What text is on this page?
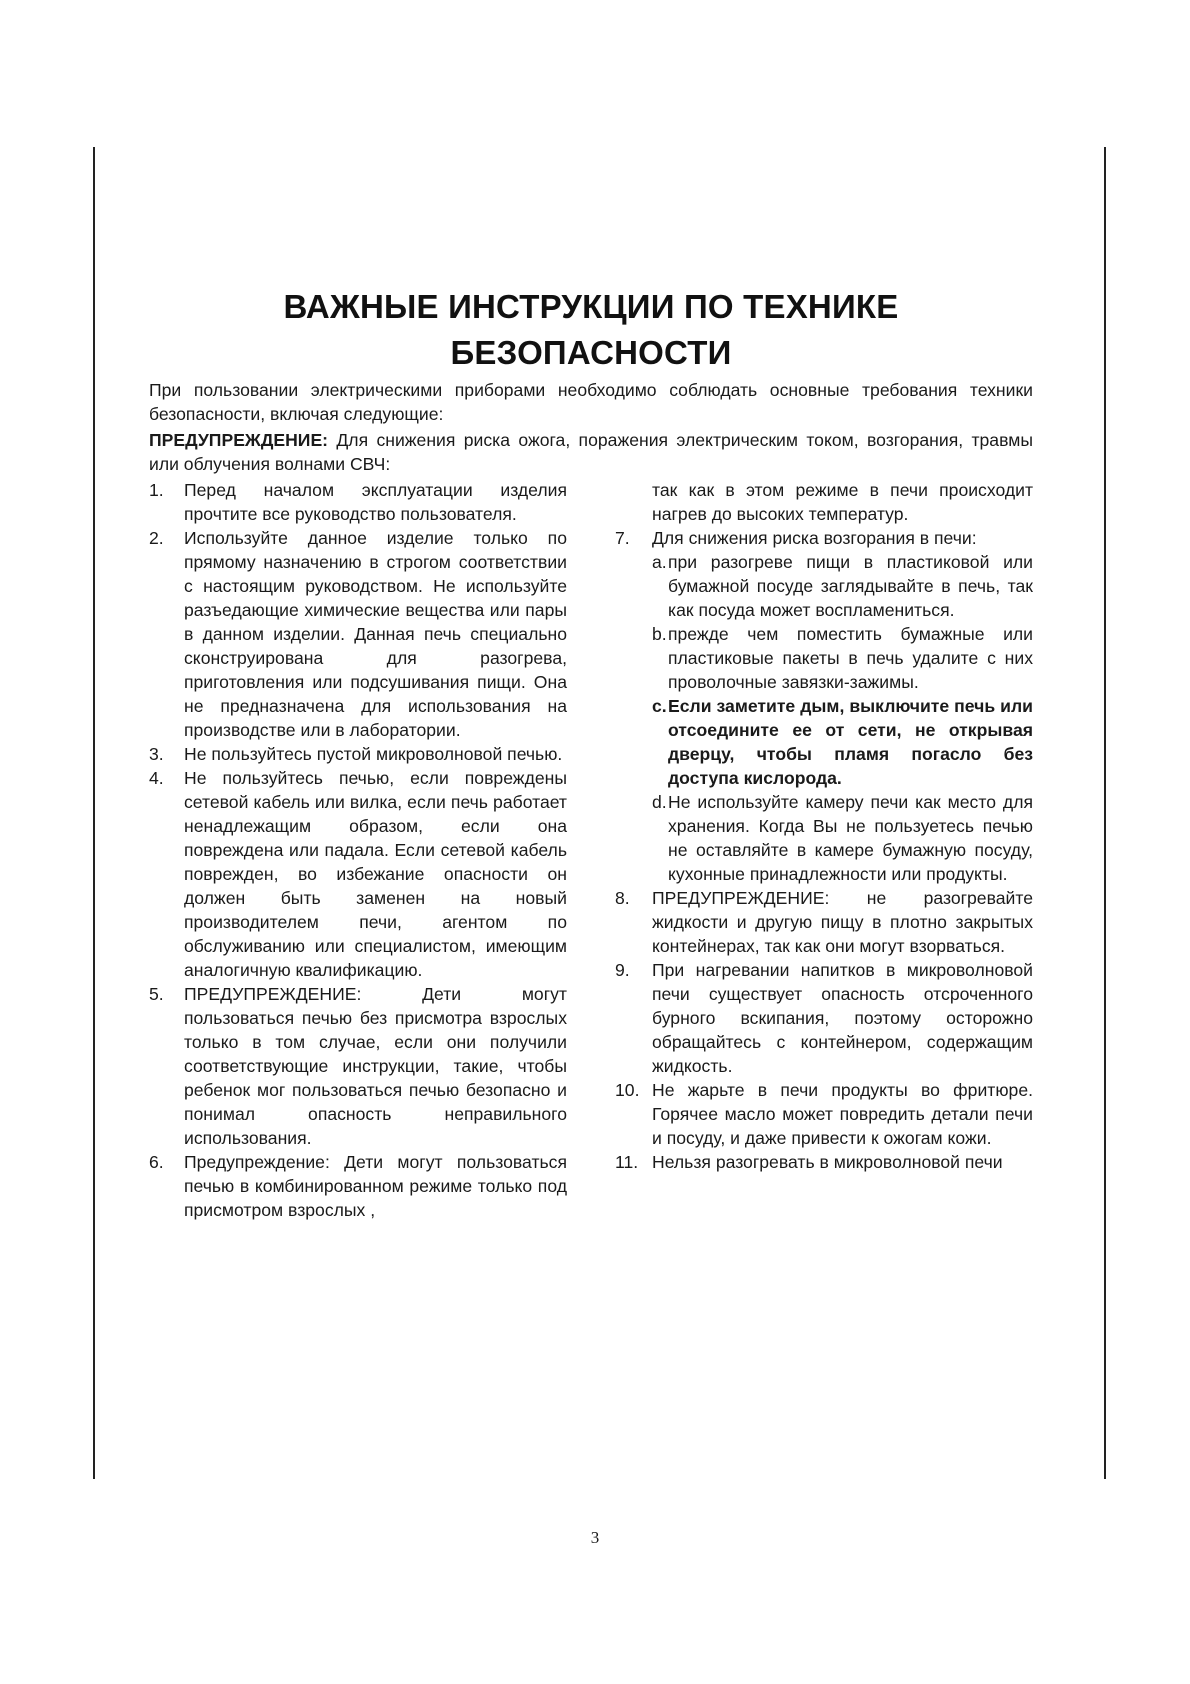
ВАЖНЫЕ ИНСТРУКЦИИ ПО ТЕХНИКЕ БЕЗОПАСНОСТИ

При пользовании электрическими приборами необходимо соблюдать основные требования техники безопасности, включая следующие:

ПРЕДУПРЕЖДЕНИЕ: Для снижения риска ожога, поражения электрическим током, возгорания, травмы или облучения волнами СВЧ:

1.	Перед началом эксплуатации изделия прочтите все руководство пользователя.
2.	Используйте данное изделие только по прямому назначению в строгом соответствии с настоящим руководством. Не используйте разъедающие химические вещества или пары в данном изделии. Данная печь специально сконструирована для разогрева, приготовления или подсушивания пищи. Она не предназначена для использования на производстве или в лаборатории.
3.	Не пользуйтесь пустой микроволновой печью.
4.	Не пользуйтесь печью, если повреждены сетевой кабель или вилка, если печь работает ненадлежащим образом, если она повреждена или падала. Если сетевой кабель поврежден, во избежание опасности он должен быть заменен на новый производителем печи, агентом по обслуживанию или специалистом, имеющим аналогичную квалификацию.
5.	ПРЕДУПРЕЖДЕНИЕ: Дети могут пользоваться печью без присмотра взрослых только в том случае, если они получили соответствующие инструкции, такие, чтобы ребенок мог пользоваться печью безопасно и понимал опасность неправильного использования.
6.	Предупреждение: Дети могут пользоваться печью в комбинированном режиме только под присмотром взрослых ,
так как в этом режиме в печи происходит нагрев до высоких температур.
7.	Для снижения риска возгорания в печи:
a. при разогреве пищи в пластиковой или бумажной посуде заглядывайте в печь, так как посуда может воспламениться.
b. прежде чем поместить бумажные или пластиковые пакеты в печь удалите с них проволочные завязки-зажимы.
c. Если заметите дым, выключите печь или отсоедините ее от сети, не открывая дверцу, чтобы пламя погасло без доступа кислорода.
d. Не используйте камеру печи как место для хранения. Когда Вы не пользуетесь печью не оставляйте в камере бумажную посуду, кухонные принадлежности или продукты.
8.	ПРЕДУПРЕЖДЕНИЕ: не разогревайте жидкости и другую пищу в плотно закрытых контейнерах, так как они могут взорваться.
9.	При нагревании напитков в микроволновой печи существует опасность отсроченного бурного вскипания, поэтому осторожно обращайтесь с контейнером, содержащим жидкость.
10. Не жарьте в печи продукты во фритюре. Горячее масло может повредить детали печи и посуду, и даже привести к ожогам кожи.
11. Нельзя разогревать в микроволновой печи
3
